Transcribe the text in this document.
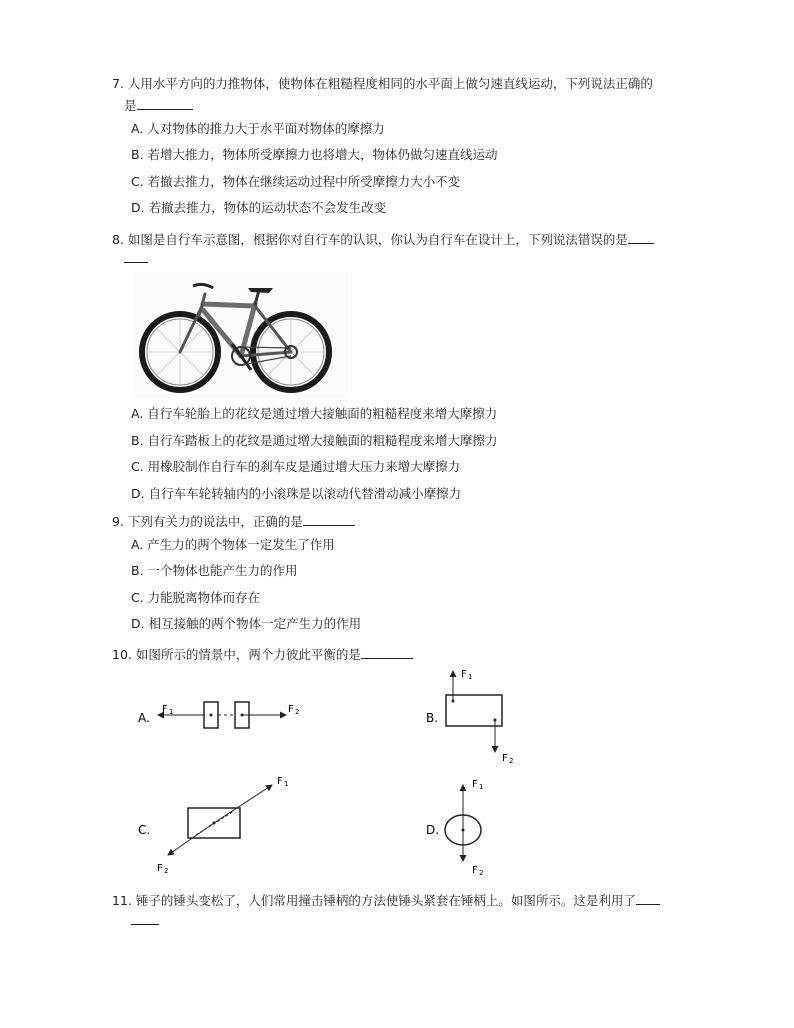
7. 人用水平方向的力推物体，使物体在粗糙程度相同的水平面上做匀速直线运动，下列说法正确的
是
A. 人对物体的推力大于水平面对物体的摩擦力
B. 若增大推力，物体所受摩擦力也将增大，物体仍做匀速直线运动
C. 若撤去推力，物体在继续运动过程中所受摩擦力大小不变
D. 若撤去推力，物体的运动状态不会发生改变
8. 如图是自行车示意图，根据你对自行车的认识，你认为自行车在设计上，下列说法错误的是
A. 自行车轮胎上的花纹是通过增大接触面的粗糙程度来增大摩擦力
B. 自行车踏板上的花纹是通过增大接触面的粗糙程度来增大摩擦力
C. 用橡胶制作自行车的刹车皮是通过增大压力来增大摩擦力
D. 自行车车轮转轴内的小滚珠是以滚动代替滑动减小摩擦力
9. 下列有关力的说法中，正确的是
A. 产生力的两个物体一定发生了作用
B. 一个物体也能产生力的作用
C. 力能脱离物体而存在
D. 相互接触的两个物体一定产生力的作用
10. 如图所示的情景中，两个力彼此平衡的是
A.
F 1	F 2	B.
F 1
F 2
C.
F 1
F 2
D.
F 1
F 2
11. 锤子的锤头变松了，人们常用撞击锤柄的方法使锤头紧套在锤柄上。如图所示。这是利用了
